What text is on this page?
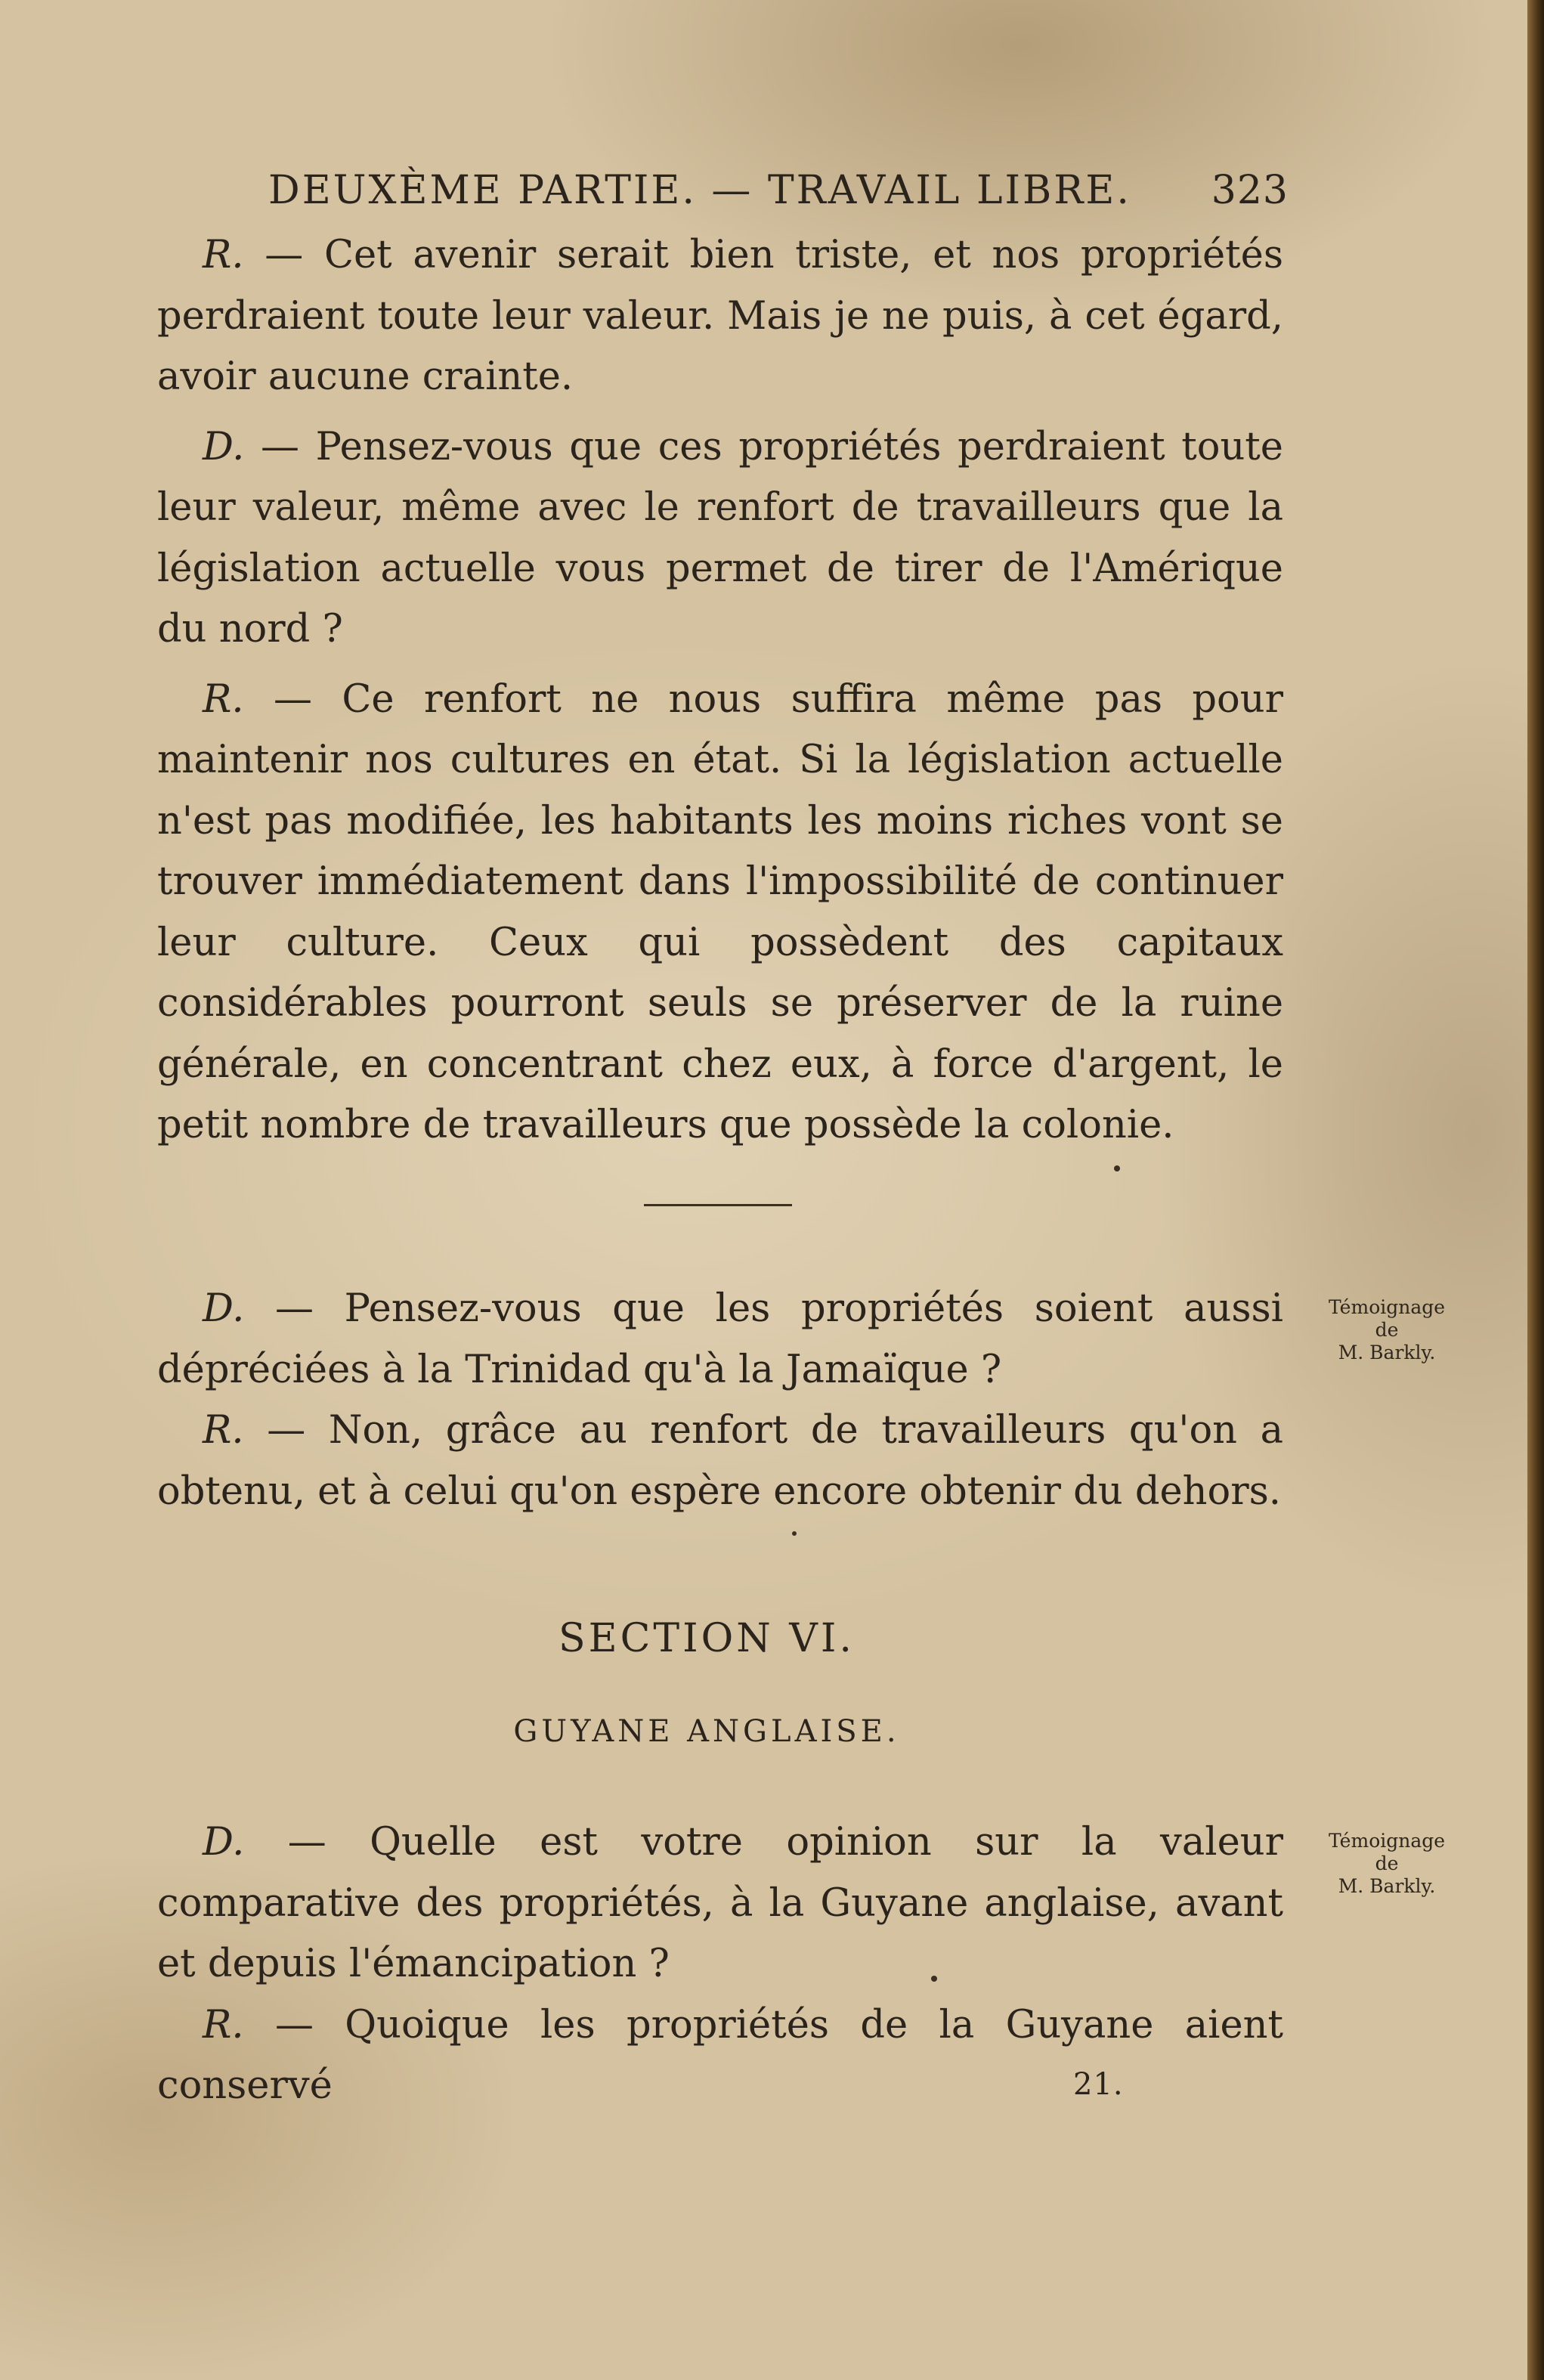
DEUXÈME PARTIE. — TRAVAIL LIBRE. 323

R. — Cet avenir serait bien triste, et nos propriétés perdraient toute leur valeur. Mais je ne puis, à cet égard, avoir aucune crainte.

D. — Pensez-vous que ces propriétés perdraient toute leur valeur, même avec le renfort de travailleurs que la législation actuelle vous permet de tirer de l'Amérique du nord ?

R. — Ce renfort ne nous suffira même pas pour maintenir nos cultures en état. Si la législation actuelle n'est pas modifiée, les habitants les moins riches vont se trouver immédiatement dans l'impossibilité de continuer leur culture. Ceux qui possèdent des capitaux considérables pourront seuls se préserver de la ruine générale, en concentrant chez eux, à force d'argent, le petit nombre de travailleurs que possède la colonie.

D. — Pensez-vous que les propriétés soient aussi dépréciées à la Trinidad qu'à la Jamaïque ?

R. — Non, grâce au renfort de travailleurs qu'on a obtenu, et à celui qu'on espère encore obtenir du dehors.

Témoignage
de
M. Barkly.
SECTION VI.
GUYANE ANGLAISE.

D. — Quelle est votre opinion sur la valeur comparative des propriétés, à la Guyane anglaise, avant et depuis l'émancipation ?

R. — Quoique les propriétés de la Guyane aient conservé

Témoignage
de
M. Barkly.
21.
